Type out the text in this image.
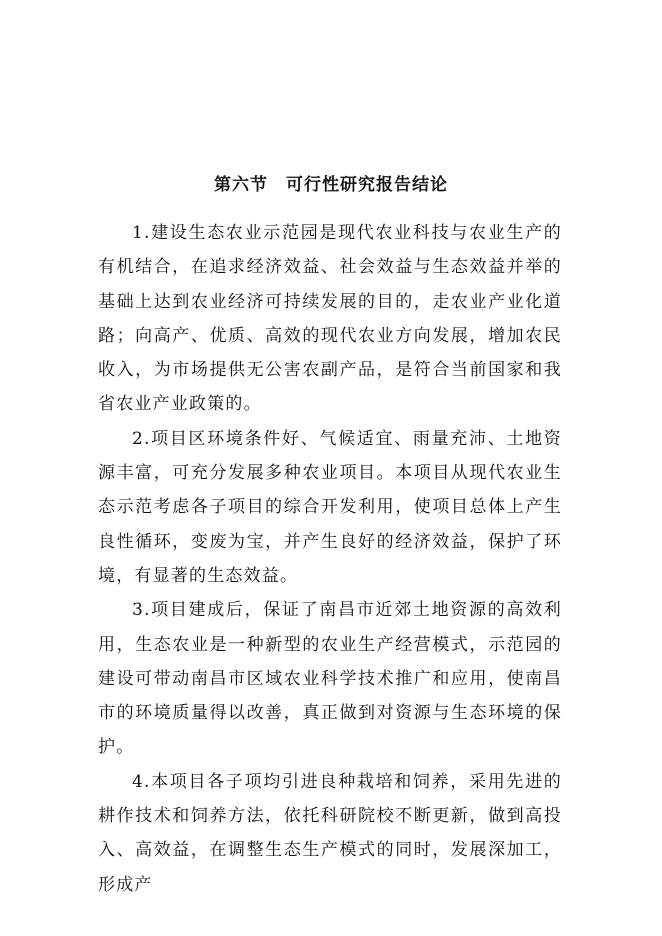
第六节　可行性研究报告结论

1.建设生态农业示范园是现代农业科技与农业生产的有机结合，在追求经济效益、社会效益与生态效益并举的基础上达到农业经济可持续发展的目的，走农业产业化道路；向高产、优质、高效的现代农业方向发展，增加农民收入，为市场提供无公害农副产品，是符合当前国家和我省农业产业政策的。

2.项目区环境条件好、气候适宜、雨量充沛、土地资源丰富，可充分发展多种农业项目。本项目从现代农业生态示范考虑各子项目的综合开发利用，使项目总体上产生良性循环，变废为宝，并产生良好的经济效益，保护了环境，有显著的生态效益。

3.项目建成后，保证了南昌市近郊土地资源的高效利用，生态农业是一种新型的农业生产经营模式，示范园的建设可带动南昌市区域农业科学技术推广和应用，使南昌市的环境质量得以改善，真正做到对资源与生态环境的保护。

4.本项目各子项均引进良种栽培和饲养，采用先进的耕作技术和饲养方法，依托科研院校不断更新，做到高投入、高效益，在调整生态生产模式的同时，发展深加工，形成产
